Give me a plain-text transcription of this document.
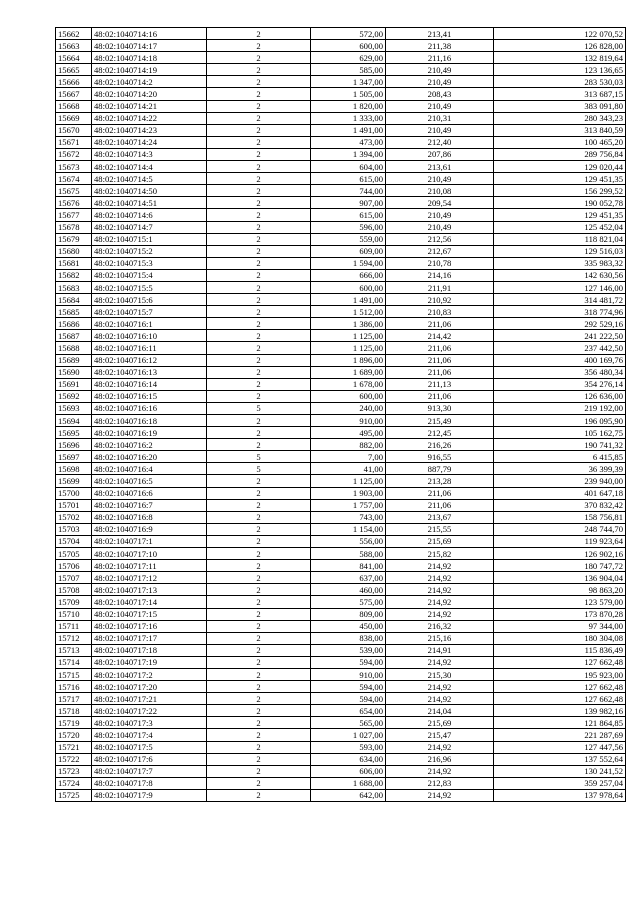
15662	48:02:1040714:16	2	572,00	213,41	122 070,52
15663	48:02:1040714:17	2	600,00	211,38	126 828,00
15664	48:02:1040714:18	2	629,00	211,16	132 819,64
15665	48:02:1040714:19	2	585,00	210,49	123 136,65
15666	48:02:1040714:2	2	1 347,00	210,49	283 530,03
15667	48:02:1040714:20	2	1 505,00	208,43	313 687,15
15668	48:02:1040714:21	2	1 820,00	210,49	383 091,80
15669	48:02:1040714:22	2	1 333,00	210,31	280 343,23
15670	48:02:1040714:23	2	1 491,00	210,49	313 840,59
15671	48:02:1040714:24	2	473,00	212,40	100 465,20
15672	48:02:1040714:3	2	1 394,00	207,86	289 756,84
15673	48:02:1040714:4	2	604,00	213,61	129 020,44
15674	48:02:1040714:5	2	615,00	210,49	129 451,35
15675	48:02:1040714:50	2	744,00	210,08	156 299,52
15676	48:02:1040714:51	2	907,00	209,54	190 052,78
15677	48:02:1040714:6	2	615,00	210,49	129 451,35
15678	48:02:1040714:7	2	596,00	210,49	125 452,04
15679	48:02:1040715:1	2	559,00	212,56	118 821,04
15680	48:02:1040715:2	2	609,00	212,67	129 516,03
15681	48:02:1040715:3	2	1 594,00	210,78	335 983,32
15682	48:02:1040715:4	2	666,00	214,16	142 630,56
15683	48:02:1040715:5	2	600,00	211,91	127 146,00
15684	48:02:1040715:6	2	1 491,00	210,92	314 481,72
15685	48:02:1040715:7	2	1 512,00	210,83	318 774,96
15686	48:02:1040716:1	2	1 386,00	211,06	292 529,16
15687	48:02:1040716:10	2	1 125,00	214,42	241 222,50
15688	48:02:1040716:11	2	1 125,00	211,06	237 442,50
15689	48:02:1040716:12	2	1 896,00	211,06	400 169,76
15690	48:02:1040716:13	2	1 689,00	211,06	356 480,34
15691	48:02:1040716:14	2	1 678,00	211,13	354 276,14
15692	48:02:1040716:15	2	600,00	211,06	126 636,00
15693	48:02:1040716:16	5	240,00	913,30	219 192,00
15694	48:02:1040716:18	2	910,00	215,49	196 095,90
15695	48:02:1040716:19	2	495,00	212,45	105 162,75
15696	48:02:1040716:2	2	882,00	216,26	190 741,32
15697	48:02:1040716:20	5	7,00	916,55	6 415,85
15698	48:02:1040716:4	5	41,00	887,79	36 399,39
15699	48:02:1040716:5	2	1 125,00	213,28	239 940,00
15700	48:02:1040716:6	2	1 903,00	211,06	401 647,18
15701	48:02:1040716:7	2	1 757,00	211,06	370 832,42
15702	48:02:1040716:8	2	743,00	213,67	158 756,81
15703	48:02:1040716:9	2	1 154,00	215,55	248 744,70
15704	48:02:1040717:1	2	556,00	215,69	119 923,64
15705	48:02:1040717:10	2	588,00	215,82	126 902,16
15706	48:02:1040717:11	2	841,00	214,92	180 747,72
15707	48:02:1040717:12	2	637,00	214,92	136 904,04
15708	48:02:1040717:13	2	460,00	214,92	98 863,20
15709	48:02:1040717:14	2	575,00	214,92	123 579,00
15710	48:02:1040717:15	2	809,00	214,92	173 870,28
15711	48:02:1040717:16	2	450,00	216,32	97 344,00
15712	48:02:1040717:17	2	838,00	215,16	180 304,08
15713	48:02:1040717:18	2	539,00	214,91	115 836,49
15714	48:02:1040717:19	2	594,00	214,92	127 662,48
15715	48:02:1040717:2	2	910,00	215,30	195 923,00
15716	48:02:1040717:20	2	594,00	214,92	127 662,48
15717	48:02:1040717:21	2	594,00	214,92	127 662,48
15718	48:02:1040717:22	2	654,00	214,04	139 982,16
15719	48:02:1040717:3	2	565,00	215,69	121 864,85
15720	48:02:1040717:4	2	1 027,00	215,47	221 287,69
15721	48:02:1040717:5	2	593,00	214,92	127 447,56
15722	48:02:1040717:6	2	634,00	216,96	137 552,64
15723	48:02:1040717:7	2	606,00	214,92	130 241,52
15724	48:02:1040717:8	2	1 688,00	212,83	359 257,04
15725	48:02:1040717:9	2	642,00	214,92	137 978,64
